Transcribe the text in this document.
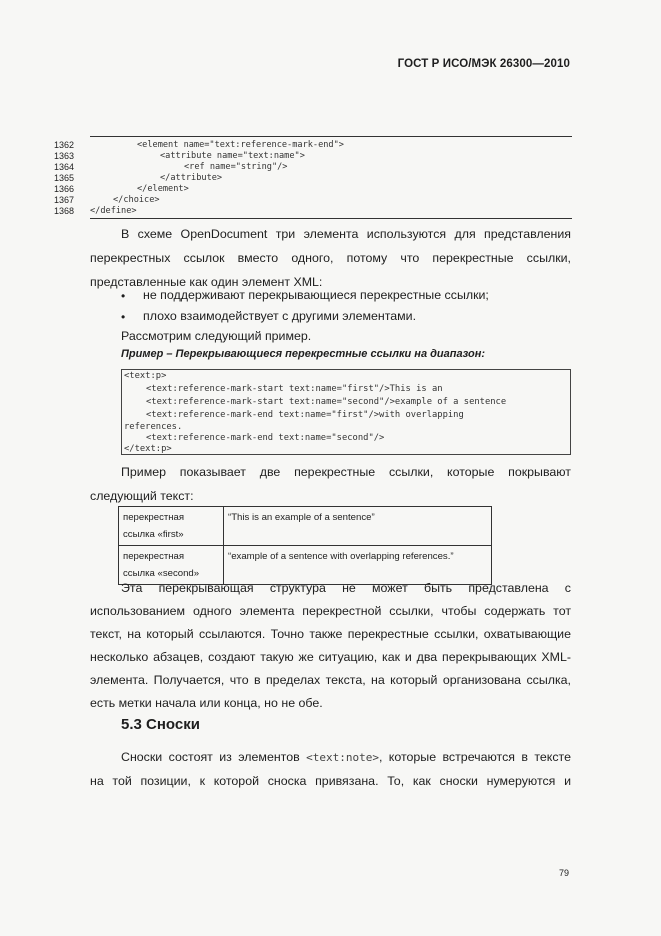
ГОСТ Р ИСО/МЭК 26300—2010
1362	<element name="text:reference-mark-end">
1363	<attribute name="text:name">
1364	<ref name="string"/>
1365	</attribute>
1366	</element>
1367	</choice>
1368 </define>
В схеме OpenDocument три элемента используются для представления
перекрестных ссылок вместо одного, потому что перекрестные ссылки,
представленные как один элемент XML:
• не поддерживают перекрывающиеся перекрестные ссылки;
• плохо взаимодействует с другими элементами.
Рассмотрим следующий пример.
Пример – Перекрывающиеся перекрестные ссылки на диапазон:
<text:p>
<text:reference-mark-start text:name="first"/>This is an
<text:reference-mark-start text:name="second"/>example of a sentence
<text:reference-mark-end text:name="first"/>with overlapping
references.
<text:reference-mark-end text:name="second"/>
</text:p>
Пример показывает две перекрестные ссылки, которые покрывают
следующий текст:
перекрестная
ссылка «first»	“This is an example of a sentence”
перекрестная
ссылка «second»	“example of a sentence with overlapping references.”
Эта перекрывающая структура не может быть представлена с
использованием одного элемента перекрестной ссылки, чтобы содержать тот
текст, на который ссылаются. Точно также перекрестные ссылки, охватывающие
несколько абзацев, создают такую же ситуацию, как и два перекрывающих XML-
элемента. Получается, что в пределах текста, на который организована ссылка,
есть метки начала или конца, но не обе.
5.3 Сноски
Сноски состоят из элементов <text:note>, которые встречаются в тексте
на той позиции, к которой сноска привязана. То, как сноски нумеруются и
79
